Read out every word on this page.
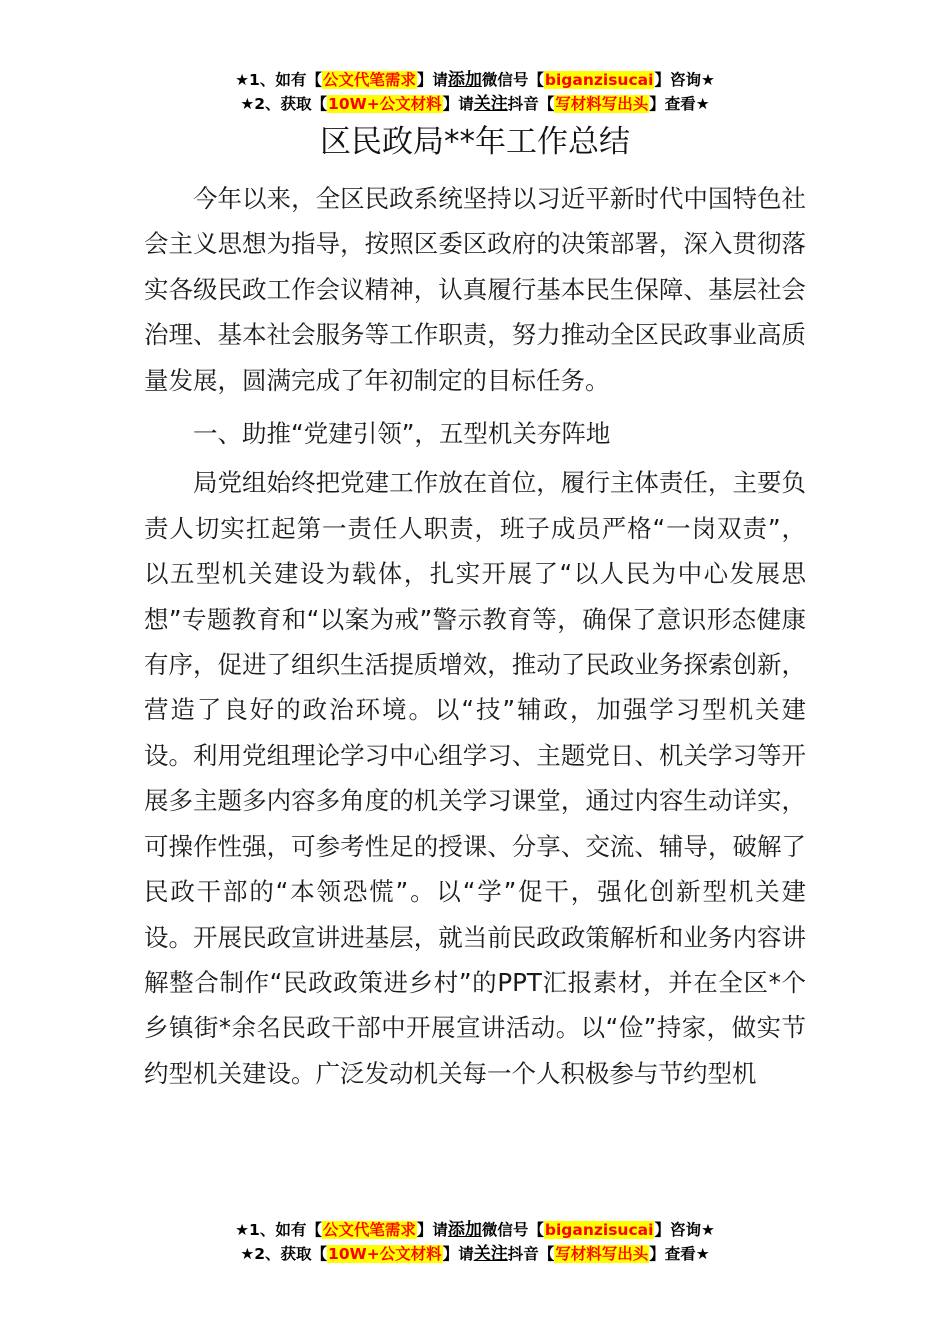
★1、如有【公文代笔需求】请添加微信号【biganzisucai】咨询★
★2、获取【10W+公文材料】请关注抖音【写材料写出头】查看★
区民政局**年工作总结

今年以来，全区民政系统坚持以习近平新时代中国特色社会主义思想为指导，按照区委区政府的决策部署，深入贯彻落实各级民政工作会议精神，认真履行基本民生保障、基层社会治理、基本社会服务等工作职责，努力推动全区民政事业高质量发展，圆满完成了年初制定的目标任务。

一、助推“党建引领”，五型机关夯阵地

局党组始终把党建工作放在首位，履行主体责任，主要负责人切实扛起第一责任人职责，班子成员严格“一岗双责”，以五型机关建设为载体，扎实开展了“以人民为中心发展思想”专题教育和“以案为戒”警示教育等，确保了意识形态健康有序，促进了组织生活提质增效，推动了民政业务探索创新，营造了良好的政治环境。以“技”辅政，加强学习型机关建设。利用党组理论学习中心组学习、主题党日、机关学习等开展多主题多内容多角度的机关学习课堂，通过内容生动详实，可操作性强，可参考性足的授课、分享、交流、辅导，破解了民政干部的“本领恐慌”。以“学”促干，强化创新型机关建设。开展民政宣讲进基层，就当前民政政策解析和业务内容讲解整合制作“民政政策进乡村”的PPT汇报素材，并在全区*个乡镇街*余名民政干部中开展宣讲活动。以“俭”持家，做实节约型机关建设。广泛发动机关每一个人积极参与节约型机

★1、如有【公文代笔需求】请添加微信号【biganzisucai】咨询★
★2、获取【10W+公文材料】请关注抖音【写材料写出头】查看★
